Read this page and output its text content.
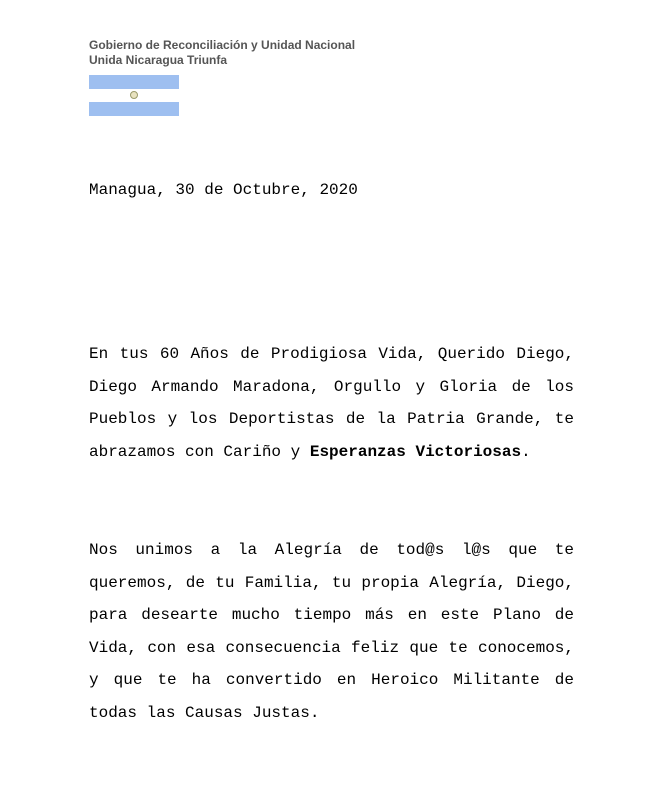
Gobierno de Reconciliación y Unidad Nacional
Unida Nicaragua Triunfa
Managua, 30 de Octubre, 2020

En tus 60 Años de Prodigiosa Vida, Querido Diego, Diego Armando Maradona, Orgullo y Gloria de los Pueblos y los Deportistas de la Patria Grande, te abrazamos con Cariño y Esperanzas Victoriosas.

Nos unimos a la Alegría de tod@s l@s que te queremos, de tu Familia, tu propia Alegría, Diego, para desearte mucho tiempo más en este Plano de Vida, con esa consecuencia feliz que te conocemos, y que te ha convertido en Heroico Militante de todas las Causas Justas.
